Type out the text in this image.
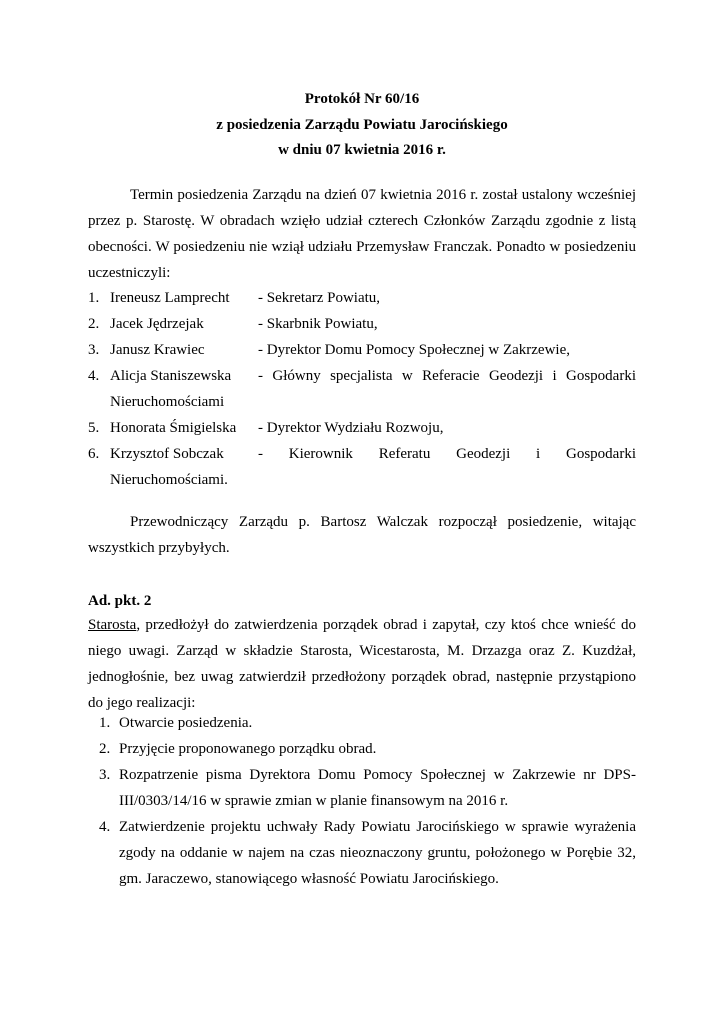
Protokół Nr 60/16
z posiedzenia Zarządu Powiatu Jarocińskiego
w dniu 07 kwietnia 2016 r.
Termin posiedzenia Zarządu na dzień 07 kwietnia 2016 r. został ustalony wcześniej przez p. Starostę. W obradach wzięło udział czterech Członków Zarządu zgodnie z listą obecności. W posiedzeniu nie wziął udziału Przemysław Franczak. Ponadto w posiedzeniu uczestniczyli:
1. Ireneusz Lamprecht - Sekretarz Powiatu,
2. Jacek Jędrzejak	- Skarbnik Powiatu,
3. Janusz Krawiec	- Dyrektor Domu Pomocy Społecznej w Zakrzewie,
4. Alicja Staniszewska - Główny specjalista w Referacie Geodezji i Gospodarki
Nieruchomościami
5. Honorata Śmigielska - Dyrektor Wydziału Rozwoju,
6. Krzysztof Sobczak - Kierownik Referatu Geodezji i Gospodarki
Nieruchomościami.
Przewodniczący Zarządu p. Bartosz Walczak rozpoczął posiedzenie, witając wszystkich przybyłych.
Ad. pkt. 2
Starosta, przedłożył do zatwierdzenia porządek obrad i zapytał, czy ktoś chce wnieść do niego uwagi. Zarząd w składzie Starosta, Wicestarosta, M. Drzazga oraz Z. Kuzdżał, jednogłośnie, bez uwag zatwierdził przedłożony porządek obrad, następnie przystąpiono do jego realizacji:
1. Otwarcie posiedzenia.
2. Przyjęcie proponowanego porządku obrad.
3. Rozpatrzenie pisma Dyrektora Domu Pomocy Społecznej w Zakrzewie nr DPS-III/0303/14/16 w sprawie zmian w planie finansowym na 2016 r.
4. Zatwierdzenie projektu uchwały Rady Powiatu Jarocińskiego w sprawie wyrażenia zgody na oddanie w najem na czas nieoznaczony gruntu, położonego w Porębie 32, gm. Jaraczewo, stanowiącego własność Powiatu Jarocińskiego.
